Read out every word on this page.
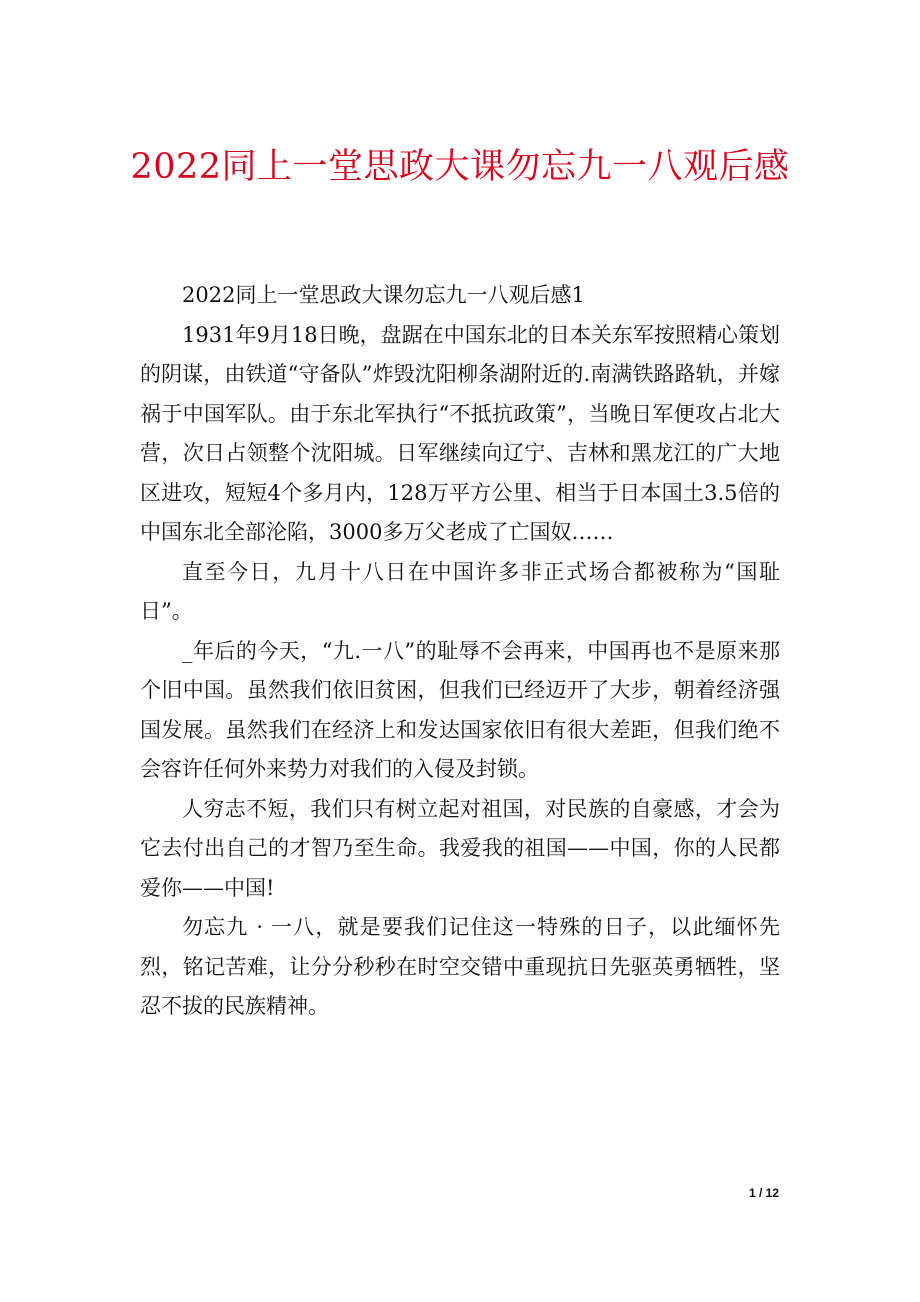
2022同上一堂思政大课勿忘九一八观后感

2022同上一堂思政大课勿忘九一八观后感1

1931年9月18日晚，盘踞在中国东北的日本关东军按照精心策划的阴谋，由铁道“守备队”炸毁沈阳柳条湖附近的.南满铁路路轨，并嫁祸于中国军队。由于东北军执行“不抵抗政策”，当晚日军便攻占北大营，次日占领整个沈阳城。日军继续向辽宁、吉林和黑龙江的广大地区进攻，短短4个多月内，128万平方公里、相当于日本国土3.5倍的中国东北全部沦陷，3000多万父老成了亡国奴……

直至今日，九月十八日在中国许多非正式场合都被称为“国耻日”。

_年后的今天，“九.一八”的耻辱不会再来，中国再也不是原来那个旧中国。虽然我们依旧贫困，但我们已经迈开了大步，朝着经济强国发展。虽然我们在经济上和发达国家依旧有很大差距，但我们绝不会容许任何外来势力对我们的入侵及封锁。

人穷志不短，我们只有树立起对祖国，对民族的自豪感，才会为它去付出自己的才智乃至生命。我爱我的祖国——中国，你的人民都爱你——中国!

勿忘九 · 一八，就是要我们记住这一特殊的日子，以此缅怀先烈，铭记苦难，让分分秒秒在时空交错中重现抗日先驱英勇牺牲，坚忍不拔的民族精神。

1 / 12
